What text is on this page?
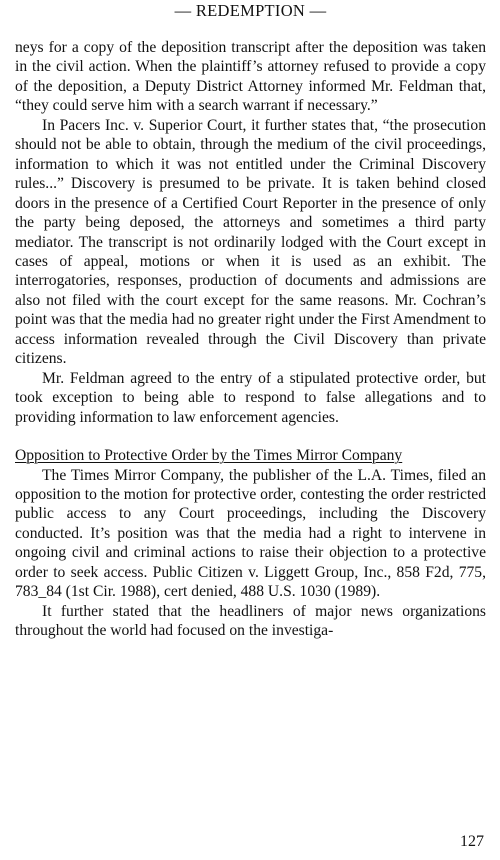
— REDEMPTION —

neys for a copy of the deposition transcript after the deposition was taken in the civil action. When the plaintiff’s attorney refused to provide a copy of the deposition, a Deputy District Attorney informed Mr. Feldman that, “they could serve him with a search warrant if necessary.”

In Pacers Inc. v. Superior Court, it further states that, “the prosecution should not be able to obtain, through the medium of the civil proceedings, information to which it was not entitled under the Criminal Discovery rules...” Discovery is presumed to be private. It is taken behind closed doors in the presence of a Certified Court Reporter in the presence of only the party being deposed, the attorneys and sometimes a third party mediator. The transcript is not ordinarily lodged with the Court except in cases of appeal, motions or when it is used as an exhibit. The interrogatories, responses, production of documents and admissions are also not filed with the court except for the same reasons. Mr. Cochran’s point was that the media had no greater right under the First Amendment to access information revealed through the Civil Discovery than private citizens.

Mr. Feldman agreed to the entry of a stipulated protective order, but took exception to being able to respond to false allegations and to providing information to law enforcement agencies.

Opposition to Protective Order by the Times Mirror Company

The Times Mirror Company, the publisher of the L.A. Times, filed an opposition to the motion for protective order, contesting the order restricted public access to any Court proceedings, including the Discovery conducted. It’s position was that the media had a right to intervene in ongoing civil and criminal actions to raise their objection to a protective order to seek access. Public Citizen v. Liggett Group, Inc., 858 F2d, 775, 783_84 (1st Cir. 1988), cert denied, 488 U.S. 1030 (1989).

It further stated that the headliners of major news organizations throughout the world had focused on the investiga-

127
